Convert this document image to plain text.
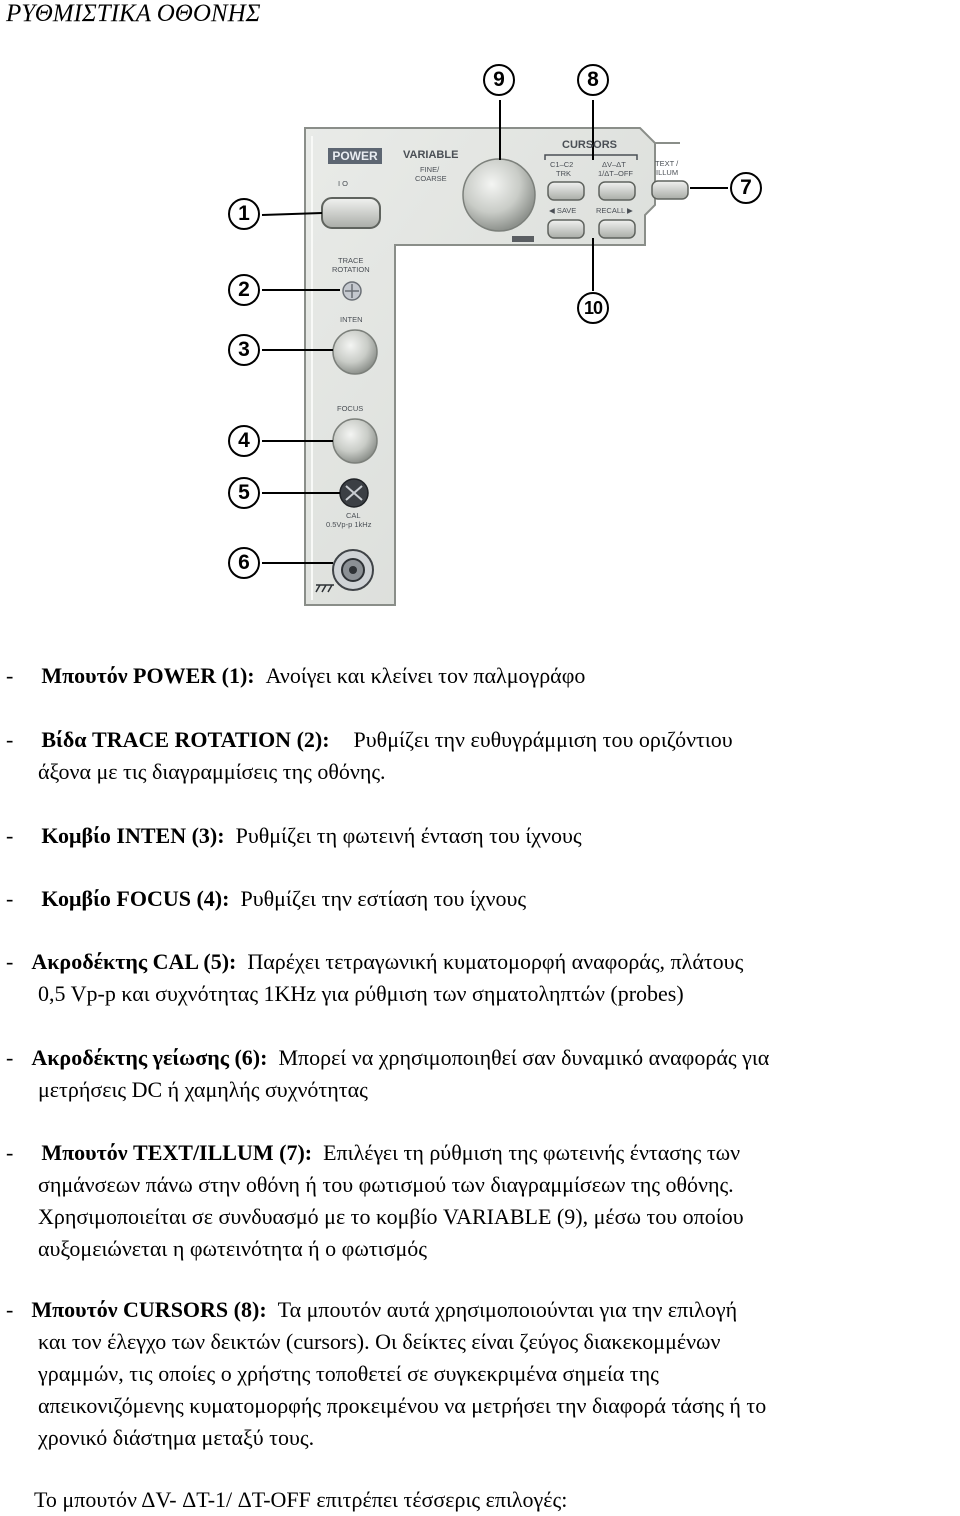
ΡΥΘΜΙΣΤΙΚΑ ΟΘΟΝΗΣ
POWER
I O
VARIABLE
FINE/
COARSE
CURSORS
C1–C2
TRK
ΔV–ΔT
1/ΔT–OFF
TEXT /
ILLUM
◀ SAVE	RECALL ▶
TRACE
ROTATION
INTEN
FOCUS
CAL
0.5Vp-p 1kHz
1
2
3
4
5
6
7
8
9
10
- Μπουτόν POWER (1): Ανοίγει και κλείνει τον παλμογράφο
- Βίδα TRACE ROTATION (2): Ρυθμίζει την ευθυγράμμιση του οριζόντιου
άξονα με τις διαγραμμίσεις της οθόνης.
- Κομβίο INTEN (3): Ρυθμίζει τη φωτεινή ένταση του ίχνους
- Κομβίο FOCUS (4): Ρυθμίζει την εστίαση του ίχνους
- Ακροδέκτης CAL (5): Παρέχει τετραγωνική κυματομορφή αναφοράς, πλάτους
0,5 Vp-p και συχνότητας 1KHz για ρύθμιση των σηματοληπτών (probes)
- Ακροδέκτης γείωσης (6): Μπορεί να χρησιμοποιηθεί σαν δυναμικό αναφοράς για
μετρήσεις DC ή χαμηλής συχνότητας
- Μπουτόν TEXT/ILLUM (7): Επιλέγει τη ρύθμιση της φωτεινής έντασης των
σημάνσεων πάνω στην οθόνη ή του φωτισμού των διαγραμμίσεων της οθόνης.
Χρησιμοποιείται σε συνδυασμό με το κομβίο VARIABLE (9), μέσω του οποίου
αυξομειώνεται η φωτεινότητα ή ο φωτισμός
- Μπουτόν CURSORS (8): Τα μπουτόν αυτά χρησιμοποιούνται για την επιλογή
και τον έλεγχο των δεικτών (cursors). Οι δείκτες είναι ζεύγος διακεκομμένων
γραμμών, τις οποίες ο χρήστης τοποθετεί σε συγκεκριμένα σημεία της
απεικονιζόμενης κυματομορφής προκειμένου να μετρήσει την διαφορά τάσης ή το
χρονικό διάστημα μεταξύ τους.
Το μπουτόν ΔV- ΔT-1/ ΔT-OFF επιτρέπει τέσσερις επιλογές:
